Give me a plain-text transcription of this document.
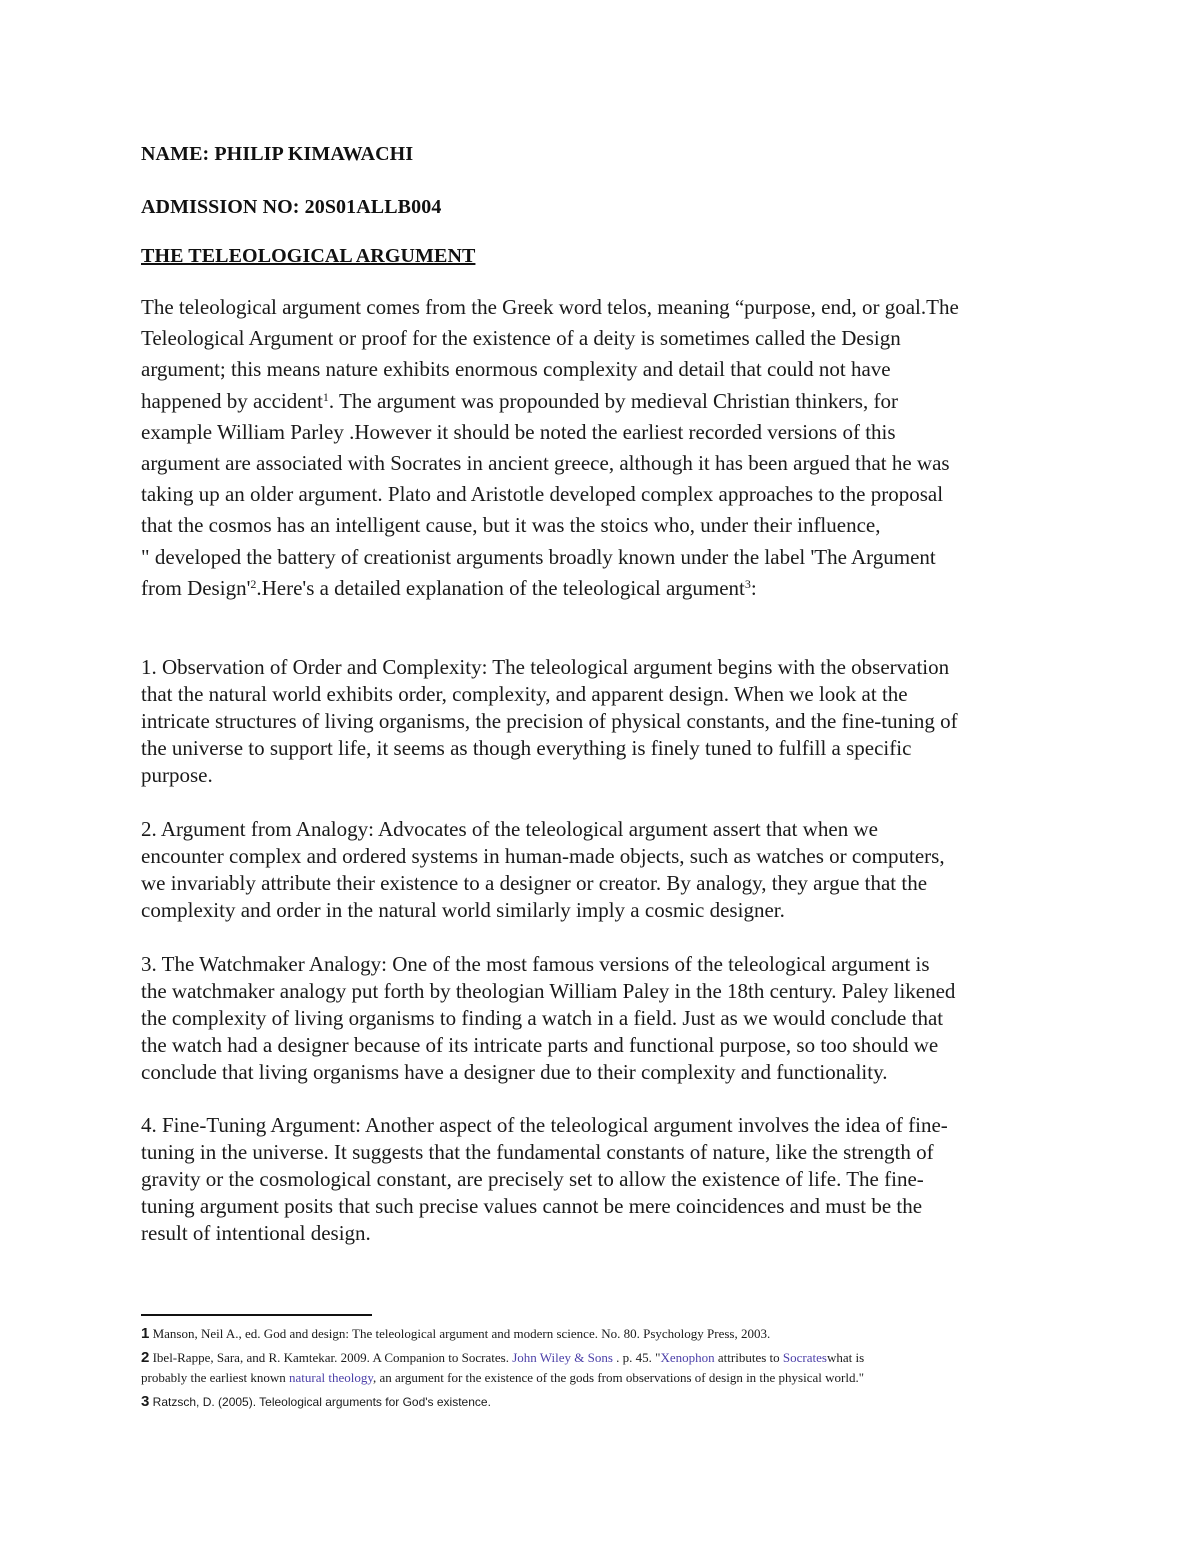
NAME: PHILIP KIMAWACHI
ADMISSION NO: 20S01ALLB004
THE TELEOLOGICAL ARGUMENT
The teleological argument comes from the Greek word telos, meaning “purpose, end, or goal.The
Teleological Argument or proof for the existence of a deity is sometimes called the Design
argument; this means nature exhibits enormous complexity and detail that could not have
happened by accident$^1$. The argument was propounded by medieval Christian thinkers, for
example William Parley .However it should be noted the earliest recorded versions of this
argument are associated with Socrates in ancient greece, although it has been argued that he was
taking up an older argument. Plato and Aristotle developed complex approaches to the proposal
that the cosmos has an intelligent cause, but it was the stoics who, under their influence,
" developed the battery of creationist arguments broadly known under the label 'The Argument
from Design'$^2$.Here's a detailed explanation of the teleological argument$^3$:
1. Observation of Order and Complexity: The teleological argument begins with the observation
that the natural world exhibits order, complexity, and apparent design. When we look at the
intricate structures of living organisms, the precision of physical constants, and the fine-tuning of
the universe to support life, it seems as though everything is finely tuned to fulfill a specific
purpose.
2. Argument from Analogy: Advocates of the teleological argument assert that when we
encounter complex and ordered systems in human-made objects, such as watches or computers,
we invariably attribute their existence to a designer or creator. By analogy, they argue that the
complexity and order in the natural world similarly imply a cosmic designer.
3. The Watchmaker Analogy: One of the most famous versions of the teleological argument is
the watchmaker analogy put forth by theologian William Paley in the 18th century. Paley likened
the complexity of living organisms to finding a watch in a field. Just as we would conclude that
the watch had a designer because of its intricate parts and functional purpose, so too should we
conclude that living organisms have a designer due to their complexity and functionality.
4. Fine-Tuning Argument: Another aspect of the teleological argument involves the idea of fine-
tuning in the universe. It suggests that the fundamental constants of nature, like the strength of
gravity or the cosmological constant, are precisely set to allow the existence of life. The fine-
tuning argument posits that such precise values cannot be mere coincidences and must be the
result of intentional design.
1 Manson, Neil A., ed. God and design: The teleological argument and modern science. No. 80. Psychology Press, 2003.
2 Ibel-Rappe, Sara, and R. Kamtekar. 2009. A Companion to Socrates. John Wiley & Sons . p. 45. "Xenophon attributes to Socrateswhat is
probably the earliest known natural theology, an argument for the existence of the gods from observations of design in the physical world."
3 Ratzsch, D. (2005). Teleological arguments for God's existence.
